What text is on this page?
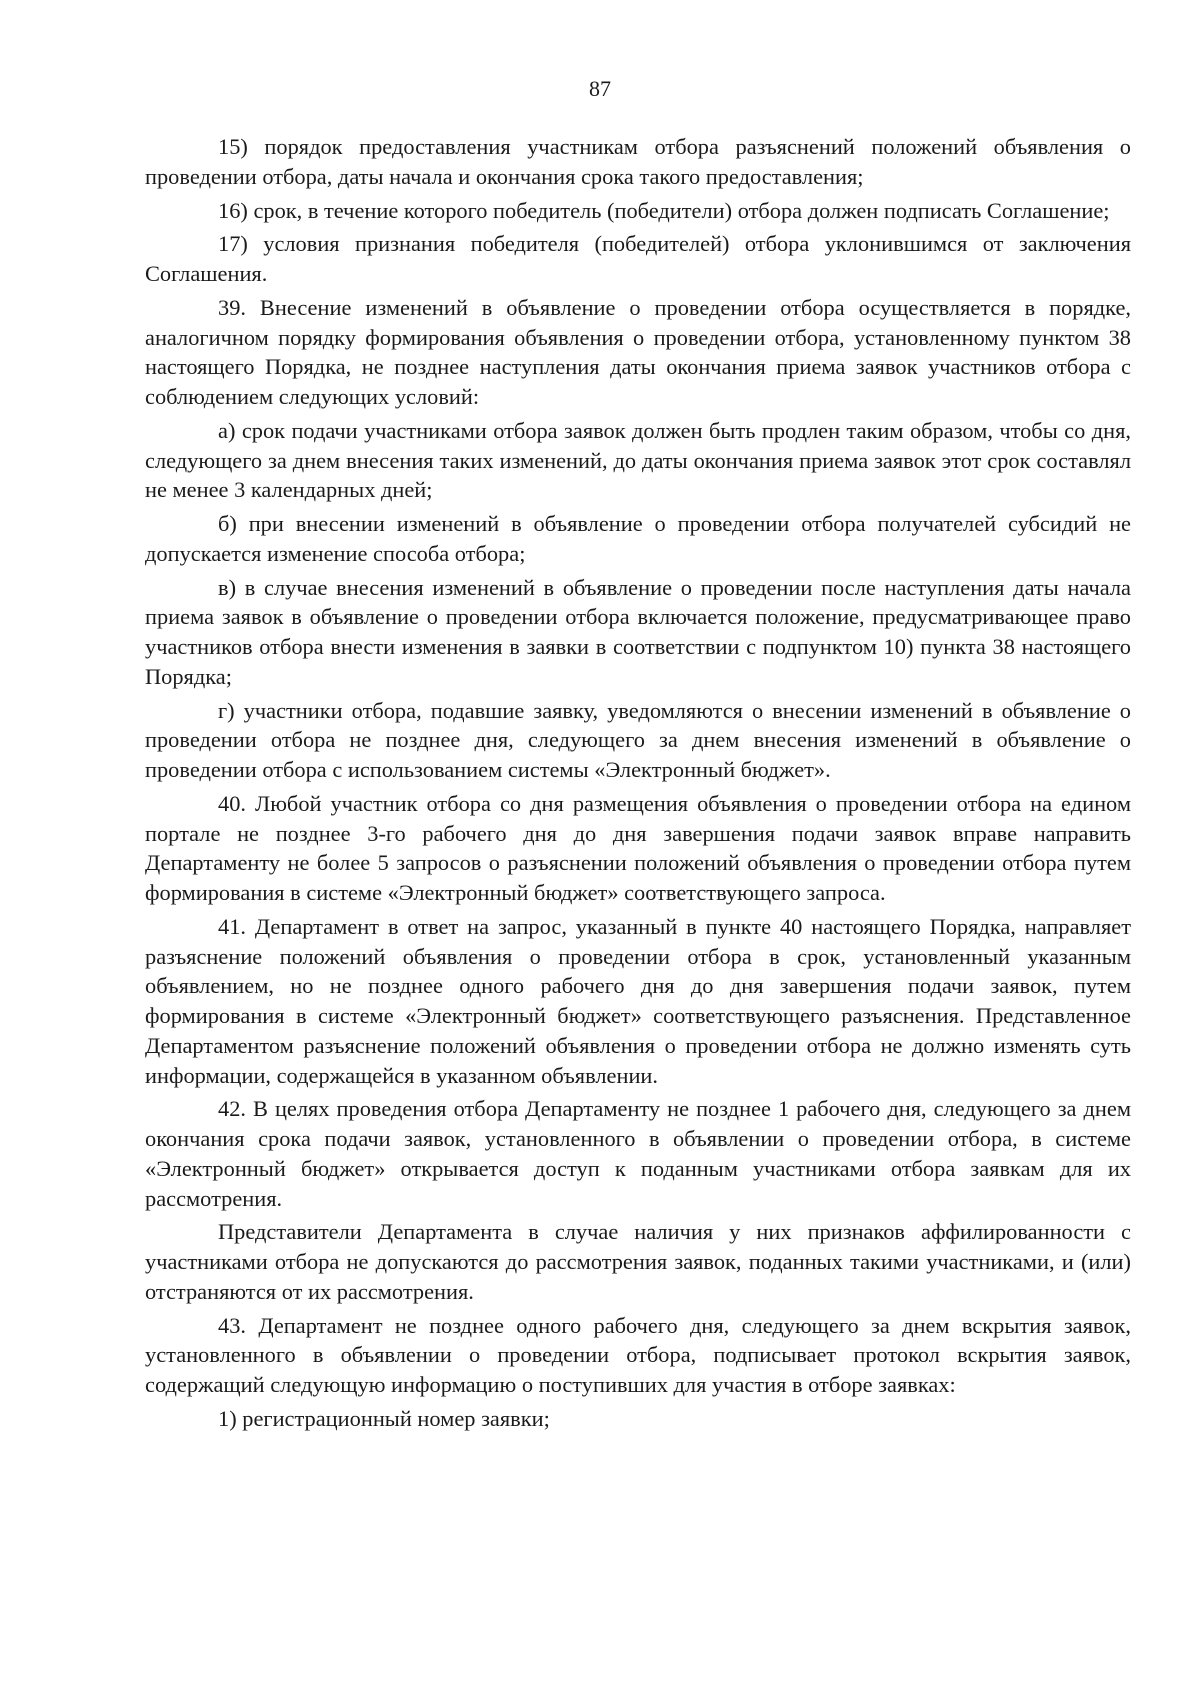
87

15) порядок предоставления участникам отбора разъяснений положений объявления о проведении отбора, даты начала и окончания срока такого предоставления;

16) срок, в течение которого победитель (победители) отбора должен подписать Соглашение;

17) условия признания победителя (победителей) отбора уклонившимся от заключения Соглашения.

39. Внесение изменений в объявление о проведении отбора осуществляется в порядке, аналогичном порядку формирования объявления о проведении отбора, установленному пунктом 38 настоящего Порядка, не позднее наступления даты окончания приема заявок участников отбора с соблюдением следующих условий:

а) срок подачи участниками отбора заявок должен быть продлен таким образом, чтобы со дня, следующего за днем внесения таких изменений, до даты окончания приема заявок этот срок составлял не менее 3 календарных дней;

б) при внесении изменений в объявление о проведении отбора получателей субсидий не допускается изменение способа отбора;

в) в случае внесения изменений в объявление о проведении после наступления даты начала приема заявок в объявление о проведении отбора включается положение, предусматривающее право участников отбора внести изменения в заявки в соответствии с подпунктом 10) пункта 38 настоящего Порядка;

г) участники отбора, подавшие заявку, уведомляются о внесении изменений в объявление о проведении отбора не позднее дня, следующего за днем внесения изменений в объявление о проведении отбора с использованием системы «Электронный бюджет».

40. Любой участник отбора со дня размещения объявления о проведении отбора на едином портале не позднее 3-го рабочего дня до дня завершения подачи заявок вправе направить Департаменту не более 5 запросов о разъяснении положений объявления о проведении отбора путем формирования в системе «Электронный бюджет» соответствующего запроса.

41. Департамент в ответ на запрос, указанный в пункте 40 настоящего Порядка, направляет разъяснение положений объявления о проведении отбора в срок, установленный указанным объявлением, но не позднее одного рабочего дня до дня завершения подачи заявок, путем формирования в системе «Электронный бюджет» соответствующего разъяснения. Представленное Департаментом разъяснение положений объявления о проведении отбора не должно изменять суть информации, содержащейся в указанном объявлении.

42. В целях проведения отбора Департаменту не позднее 1 рабочего дня, следующего за днем окончания срока подачи заявок, установленного в объявлении о проведении отбора, в системе «Электронный бюджет» открывается доступ к поданным участниками отбора заявкам для их рассмотрения.

Представители Департамента в случае наличия у них признаков аффилированности с участниками отбора не допускаются до рассмотрения заявок, поданных такими участниками, и (или) отстраняются от их рассмотрения.

43. Департамент не позднее одного рабочего дня, следующего за днем вскрытия заявок, установленного в объявлении о проведении отбора, подписывает протокол вскрытия заявок, содержащий следующую информацию о поступивших для участия в отборе заявках:

1) регистрационный номер заявки;
